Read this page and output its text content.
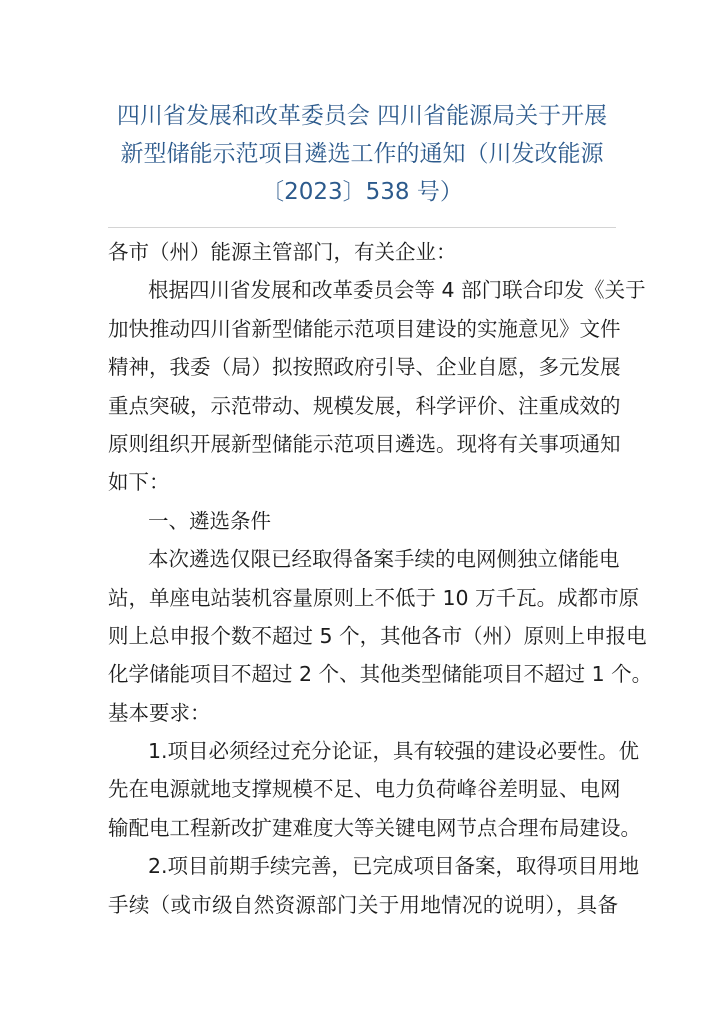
四川省发展和改革委员会 四川省能源局关于开展
新型储能示范项目遴选工作的通知（川发改能源
〔2023〕538 号）
各市（州）能源主管部门，有关企业：
根据四川省发展和改革委员会等 4 部门联合印发《关于
加快推动四川省新型储能示范项目建设的实施意见》文件
精神，我委（局）拟按照政府引导、企业自愿，多元发展
重点突破，示范带动、规模发展，科学评价、注重成效的
原则组织开展新型储能示范项目遴选。现将有关事项通知
如下：
一、遴选条件
本次遴选仅限已经取得备案手续的电网侧独立储能电
站，单座电站装机容量原则上不低于 10 万千瓦。成都市原
则上总申报个数不超过 5 个，其他各市（州）原则上申报电
化学储能项目不超过 2 个、其他类型储能项目不超过 1 个。
基本要求：
1.项目必须经过充分论证，具有较强的建设必要性。优
先在电源就地支撑规模不足、电力负荷峰谷差明显、电网
输配电工程新改扩建难度大等关键电网节点合理布局建设。
2.项目前期手续完善，已完成项目备案，取得项目用地
手续（或市级自然资源部门关于用地情况的说明），具备
